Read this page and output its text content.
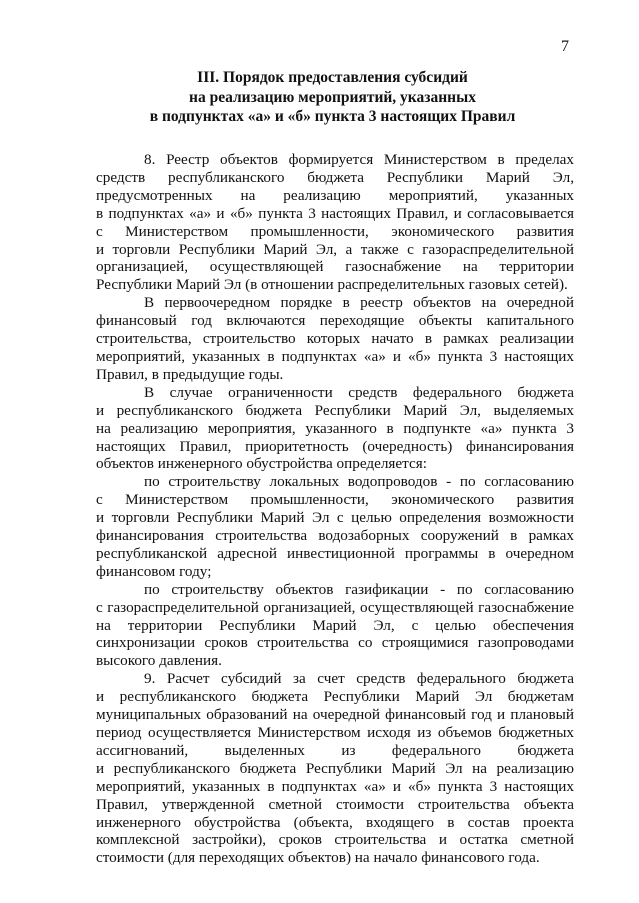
7
III. Порядок предоставления субсидий
на реализацию мероприятий, указанных
в подпунктах «а» и «б» пункта 3 настоящих Правил
8. Реестр объектов формируется Министерством в пределах
средств республиканского бюджета Республики Марий Эл,
предусмотренных на реализацию мероприятий, указанных
в подпунктах «а» и «б» пункта 3 настоящих Правил, и согласовывается
с Министерством промышленности, экономического развития
и торговли Республики Марий Эл, а также с газораспределительной
организацией, осуществляющей газоснабжение на территории
Республики Марий Эл (в отношении распределительных газовых сетей).
В первоочередном порядке в реестр объектов на очередной
финансовый год включаются переходящие объекты капитального
строительства, строительство которых начато в рамках реализации
мероприятий, указанных в подпунктах «а» и «б» пункта 3 настоящих
Правил, в предыдущие годы.
В случае ограниченности средств федерального бюджета
и республиканского бюджета Республики Марий Эл, выделяемых
на реализацию мероприятия, указанного в подпункте «а» пункта 3
настоящих Правил, приоритетность (очередность) финансирования
объектов инженерного обустройства определяется:
по строительству локальных водопроводов - по согласованию
с Министерством промышленности, экономического развития
и торговли Республики Марий Эл с целью определения возможности
финансирования строительства водозаборных сооружений в рамках
республиканской адресной инвестиционной программы в очередном
финансовом году;
по строительству объектов газификации - по согласованию
с газораспределительной организацией, осуществляющей газоснабжение
на территории Республики Марий Эл, с целью обеспечения
синхронизации сроков строительства со строящимися газопроводами
высокого давления.
9. Расчет субсидий за счет средств федерального бюджета
и республиканского бюджета Республики Марий Эл бюджетам
муниципальных образований на очередной финансовый год и плановый
период осуществляется Министерством исходя из объемов бюджетных
ассигнований, выделенных из федерального бюджета
и республиканского бюджета Республики Марий Эл на реализацию
мероприятий, указанных в подпунктах «а» и «б» пункта 3 настоящих
Правил, утвержденной сметной стоимости строительства объекта
инженерного обустройства (объекта, входящего в состав проекта
комплексной застройки), сроков строительства и остатка сметной
стоимости (для переходящих объектов) на начало финансового года.
